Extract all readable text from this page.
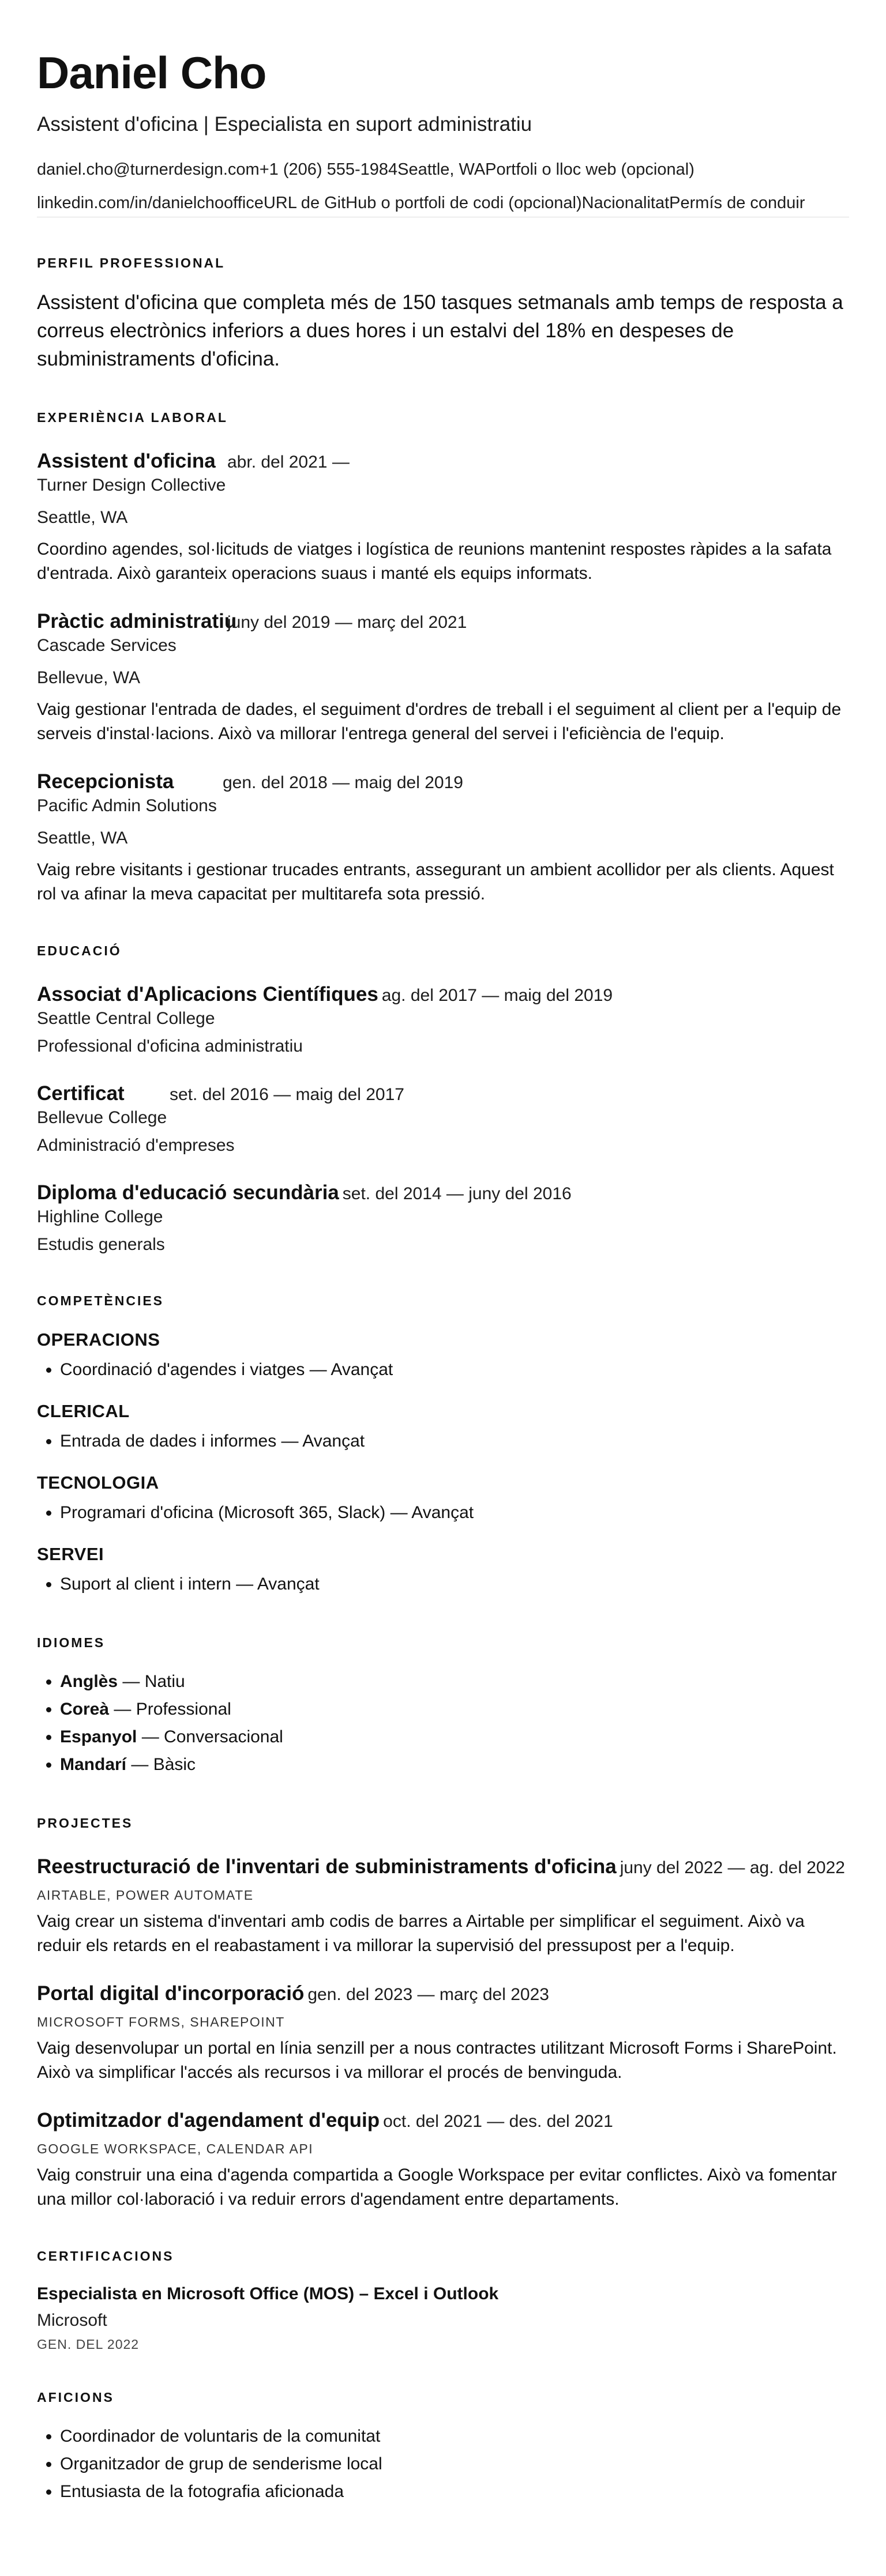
Daniel Cho
Assistent d'oficina | Especialista en suport administratiu
daniel.cho@turnerdesign.com+1 (206) 555-1984Seattle, WAPortfoli o lloc web (opcional)
linkedin.com/in/danielchoofficeURL de GitHub o portfoli de codi (opcional)NacionalitatPermís de conduir
PERFIL PROFESSIONAL
Assistent d'oficina que completa més de 150 tasques setmanals amb temps de resposta a correus electrònics inferiors a dues hores i un estalvi del 18% en despeses de subministraments d'oficina.
EXPERIÈNCIA LABORAL
Assistent d'oficina abr. del 2021 —
Turner Design Collective
Seattle, WA
Coordino agendes, sol·licituds de viatges i logística de reunions mantenint respostes ràpides a la safata d'entrada. Això garanteix operacions suaus i manté els equips informats.
Pràctic administratiu
juny del 2019 — març del 2021
Cascade Services
Bellevue, WA
Vaig gestionar l'entrada de dades, el seguiment d'ordres de treball i el seguiment al client per a l'equip de serveis d'instal·lacions. Això va millorar l'entrega general del servei i l'eficiència de l'equip.
Recepcionista	gen. del 2018 — maig del 2019
Pacific Admin Solutions
Seattle, WA
Vaig rebre visitants i gestionar trucades entrants, assegurant un ambient acollidor per als clients. Aquest rol va afinar la meva capacitat per multitarefa sota pressió.
EDUCACIÓ
Associat d'Aplicacions Científiques ag. del 2017 — maig del 2019
Seattle Central College
Professional d'oficina administratiu
Certificat	set. del 2016 — maig del 2017
Bellevue College
Administració d'empreses
Diploma d'educació secundària set. del 2014 — juny del 2016
Highline College
Estudis generals
COMPETÈNCIES
OPERACIONS
• Coordinació d'agendes i viatges — Avançat
CLERICAL
• Entrada de dades i informes — Avançat
TECNOLOGIA
• Programari d'oficina (Microsoft 365, Slack) — Avançat
SERVEI
• Suport al client i intern — Avançat
IDIOMES
• Anglès — Natiu
• Coreà — Professional
• Espanyol — Conversacional
• Mandarí — Bàsic
PROJECTES
Reestructuració de l'inventari de subministraments d'oficina juny del 2022 — ag. del 2022
AIRTABLE, POWER AUTOMATE
Vaig crear un sistema d'inventari amb codis de barres a Airtable per simplificar el seguiment. Això va reduir els retards en el reabastament i va millorar la supervisió del pressupost per a l'equip.
Portal digital d'incorporació gen. del 2023 — març del 2023
MICROSOFT FORMS, SHAREPOINT
Vaig desenvolupar un portal en línia senzill per a nous contractes utilitzant Microsoft Forms i SharePoint. Això va simplificar l'accés als recursos i va millorar el procés de benvinguda.
Optimitzador d'agendament d'equip oct. del 2021 — des. del 2021
GOOGLE WORKSPACE, CALENDAR API
Vaig construir una eina d'agenda compartida a Google Workspace per evitar conflictes. Això va fomentar una millor col·laboració i va reduir errors d'agendament entre departaments.
CERTIFICACIONS
Especialista en Microsoft Office (MOS) – Excel i Outlook
Microsoft
GEN. DEL 2022
AFICIONS
• Coordinador de voluntaris de la comunitat
• Organitzador de grup de senderisme local
• Entusiasta de la fotografia aficionada
